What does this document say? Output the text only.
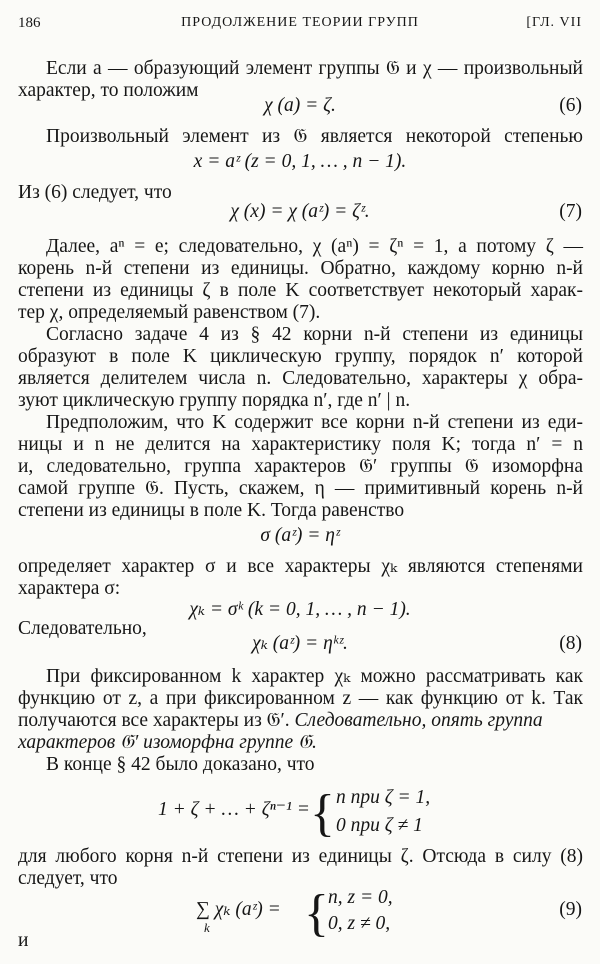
186	ПРОДОЛЖЕНИЕ ТЕОРИИ ГРУПП	[ГЛ. VII
Если a — образующий элемент группы 𝔊 и χ — произвольный
характер, то положим
χ (a) = ζ.	(6)
Произвольный элемент из 𝔊 является некоторой степенью
x = aᶻ (z = 0, 1, … , n − 1).
Из (6) следует, что
χ (x) = χ (aᶻ) = ζᶻ.	(7)
Далее, aⁿ = e; следовательно, χ (aⁿ) = ζⁿ = 1, а потому ζ —
корень n-й степени из единицы. Обратно, каждому корню n-й
степени из единицы ζ в поле K соответствует некоторый харак-
тер χ, определяемый равенством (7).
Согласно задаче 4 из § 42 корни n-й степени из единицы
образуют в поле K циклическую группу, порядок n′ которой
является делителем числа n. Следовательно, характеры χ обра-
зуют циклическую группу порядка n′, где n′ | n.
Предположим, что K содержит все корни n-й степени из еди-
ницы и n не делится на характеристику поля K; тогда n′ = n
и, следовательно, группа характеров 𝔊′ группы 𝔊 изоморфна
самой группе 𝔊. Пусть, скажем, η — примитивный корень n-й
степени из единицы в поле K. Тогда равенство
σ (aᶻ) = ηᶻ
определяет характер σ и все характеры χₖ являются степенями
характера σ:
χₖ = σᵏ (k = 0, 1, … , n − 1).
Следовательно,
χₖ (aᶻ) = ηᵏᶻ.	(8)
При фиксированном k характер χₖ можно рассматривать как
функцию от z, а при фиксированном z — как функцию от k. Так
получаются все характеры из 𝔊′. Следовательно, опять группа
характеров 𝔊′ изоморфна группе 𝔊.
В конце § 42 было доказано, что
1 + ζ + … + ζⁿ⁻¹ = { n при ζ = 1,
0 при ζ ≠ 1
для любого корня n-й степени из единицы ζ. Отсюда в силу (8)
следует, что
∑ χₖ (aᶻ) =
k { n, z = 0,
0, z ≠ 0,
(9)
и
